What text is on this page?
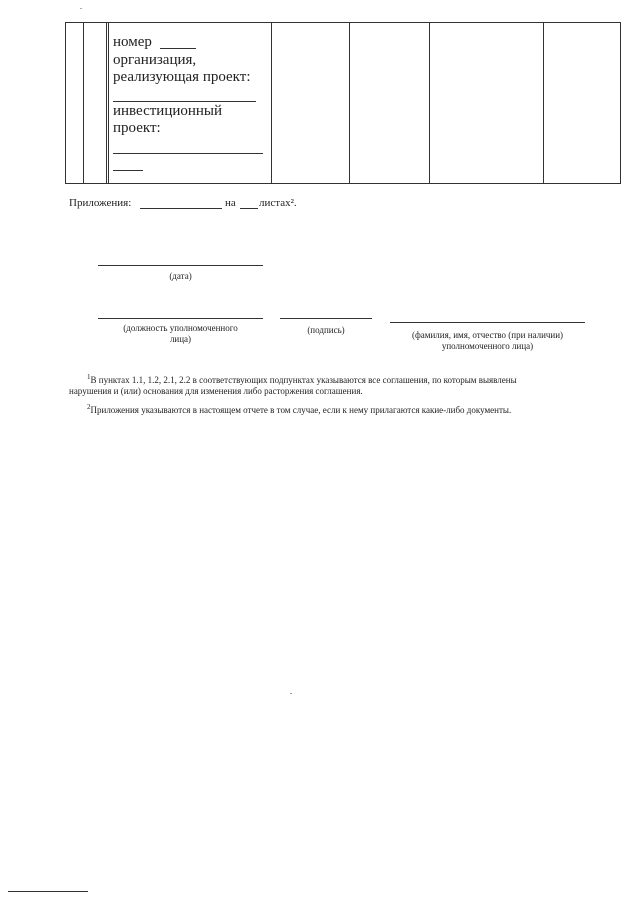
номер
организация,
реализующая проект:
инвестиционный
проект:
Приложения:	на листах².
(дата)
(должность уполномоченного
лица)
(подпись)	(фамилия, имя, отчество (при наличии)
уполномоченного лица)
$^1$В пунктах 1.1, 1.2, 2.1, 2.2 в соответствующих подпунктах указываются все соглашения, по которым выявлены
нарушения и (или) основания для изменения либо расторжения соглашения.
$^2$Приложения указываются в настоящем отчете в том случае, если к нему прилагаются какие-либо документы.
